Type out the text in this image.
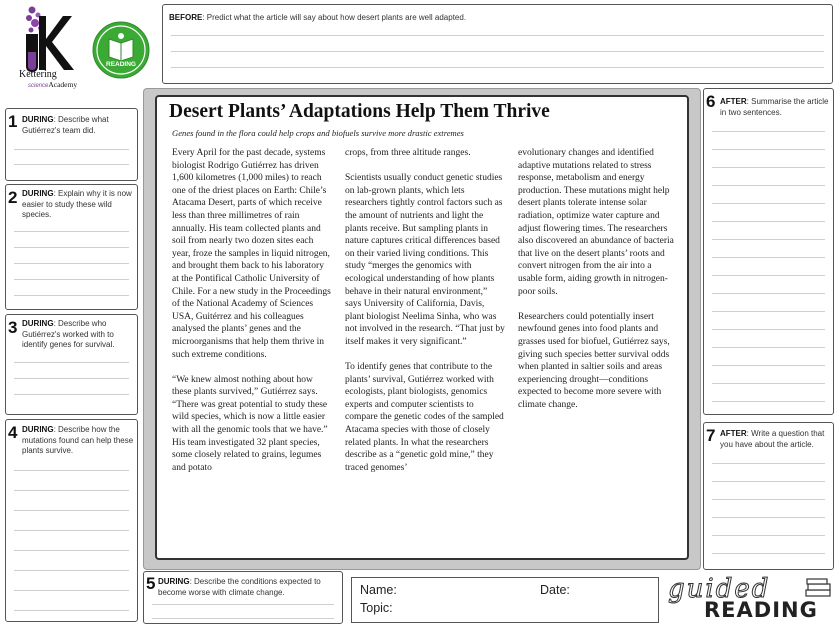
Kettering
scienceAcademy
READING
BEFORE: Predict what the article will say about how desert plants are well adapted.
1 DURING: Describe what Gutiérrez's team did.
2 DURING: Explain why it is now easier to study these wild species.
3 DURING: Describe who Gutiérrez's worked with to identify genes for survival.
4 DURING: Describe how the mutations found can help these plants survive.
5 DURING: Describe the conditions expected to become worse with climate change.
6 AFTER: Summarise the article in two sentences.
7 AFTER: Write a question that you have about the article.
Desert Plants’ Adaptations Help Them Thrive
Genes found in the flora could help crops and biofuels survive more drastic extremes

Every April for the past decade, systems biologist Rodrigo Gutiérrez has driven 1,600 kilometres (1,000 miles) to reach one of the driest places on Earth: Chile’s Atacama Desert, parts of which receive less than three millimetres of rain annually. His team collected plants and soil from nearly two dozen sites each year, froze the samples in liquid nitrogen, and brought them back to his laboratory at the Pontifical Catholic University of Chile. For a new study in the Proceedings of the National Academy of Sciences USA, Guitérrez and his colleagues analysed the plants’ genes and the microorganisms that help them thrive in such extreme conditions.

“We knew almost nothing about how these plants survived,” Gutiérrez says. “There was great potential to study these wild species, which is now a little easier with all the genomic tools that we have.” His team investigated 32 plant species, some closely related to grains, legumes and potato

crops, from three altitude ranges.

Scientists usually conduct genetic studies on lab-grown plants, which lets researchers tightly control factors such as the amount of nutrients and light the plants receive. But sampling plants in nature captures critical differences based on their varied living conditions. This study “merges the genomics with ecological understanding of how plants behave in their natural environment,” says University of California, Davis, plant biologist Neelima Sinha, who was not involved in the research. “That just by itself makes it very significant.”

To identify genes that contribute to the plants’ survival, Gutiérrez worked with ecologists, plant biologists, genomics experts and computer scientists to compare the genetic codes of the sampled Atacama species with those of closely related plants. In what the researchers describe as a “genetic gold mine,” they traced genomes’

evolutionary changes and identified adaptive mutations related to stress response, metabolism and energy production. These mutations might help desert plants tolerate intense solar radiation, optimize water capture and adjust flowering times. The researchers also discovered an abundance of bacteria that live on the desert plants’ roots and convert nitrogen from the air into a usable form, aiding growth in nitrogen-poor soils.

Researchers could potentially insert newfound genes into food plants and grasses used for biofuel, Gutiérrez says, giving such species better survival odds when planted in saltier soils and areas experiencing drought—conditions expected to become more severe with climate change.

Name:	Date:
Topic:
guided
READING
